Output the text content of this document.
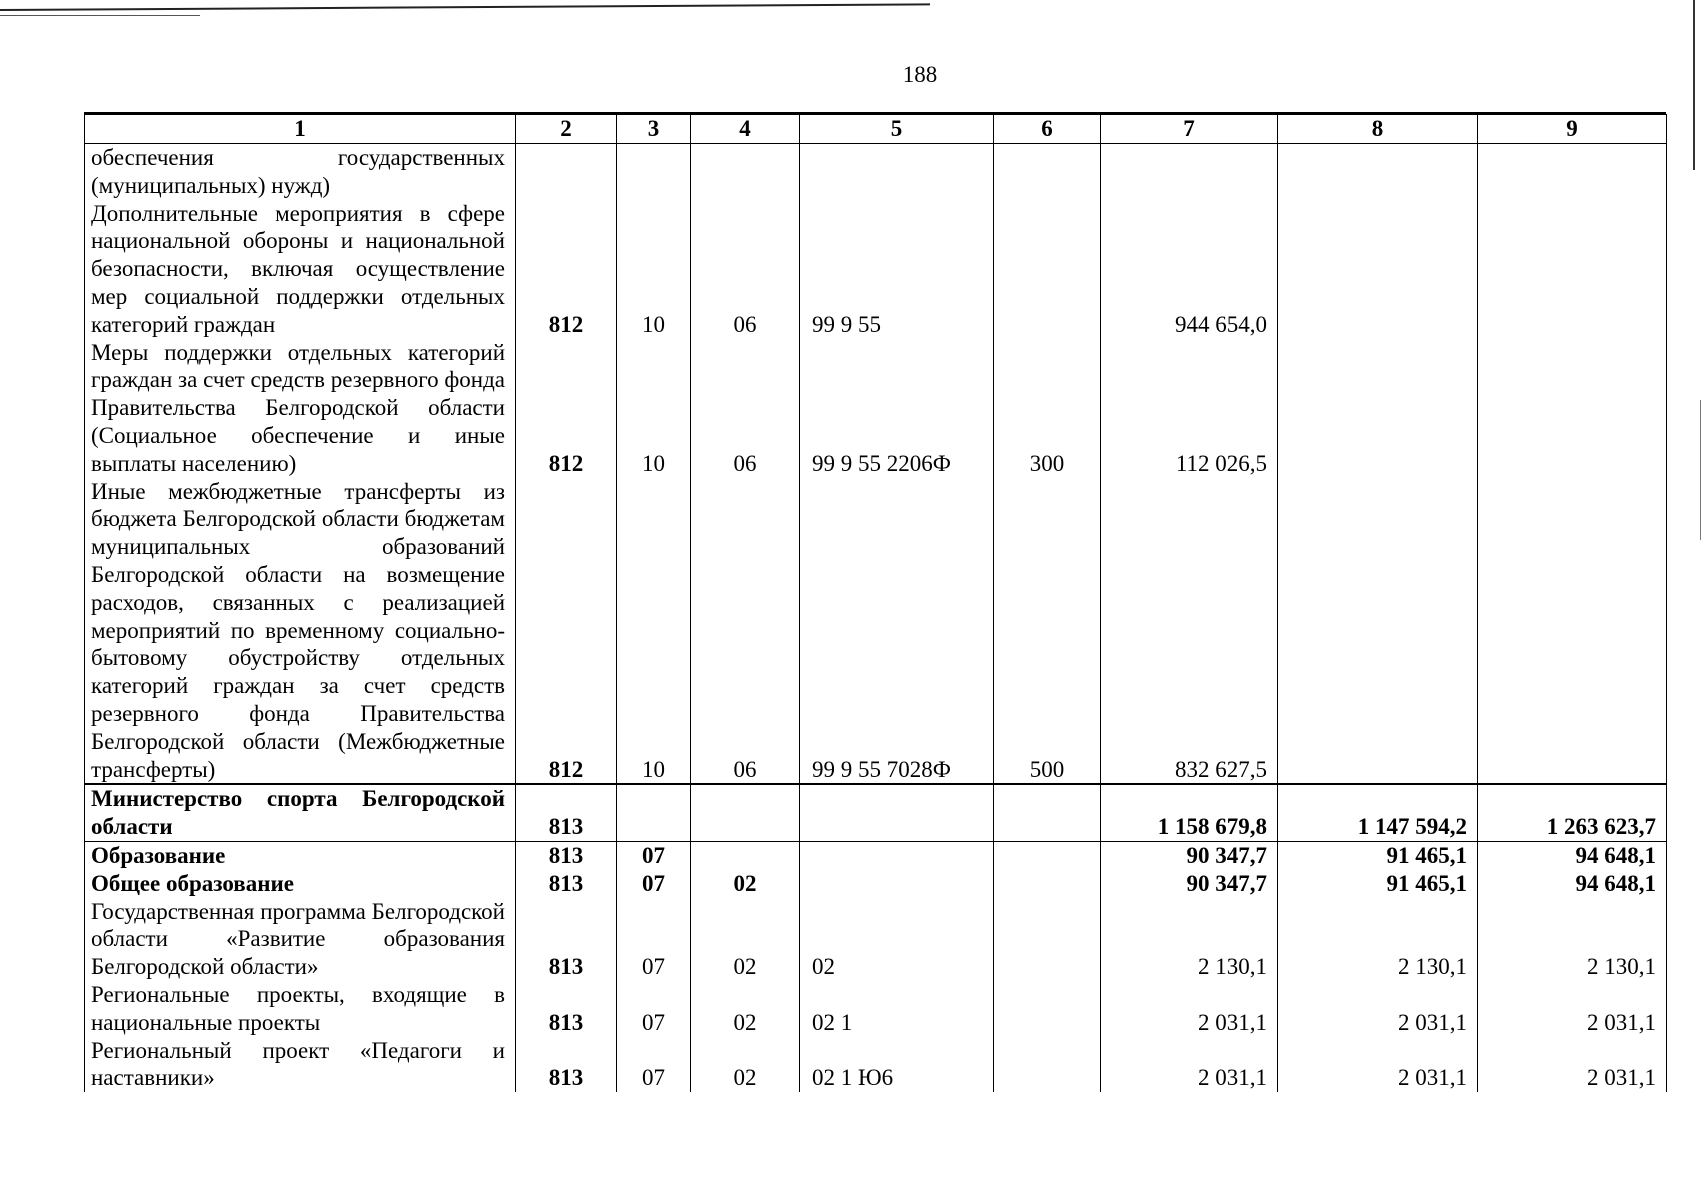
188
1	2	3	4	5	6	7	8	9
обеспечения государственных (муниципальных) нужд)								
Дополнительные мероприятия в сфере национальной обороны и национальной безопасности, включая осуществление мер социальной поддержки отдельных категорий граждан	812	10	06	99 9 55		944 654,0		
Меры поддержки отдельных категорий граждан за счет средств резервного фонда Правительства Белгородской области (Социальное обеспечение и иные выплаты населению)	812	10	06	99 9 55 2206Ф	300	112 026,5		
Иные межбюджетные трансферты из бюджета Белгородской области бюджетам муниципальных образований Белгородской области на возмещение расходов, связанных с реализацией мероприятий по временному социально-бытовому обустройству отдельных категорий граждан за счет средств резервного фонда Правительства Белгородской области (Межбюджетные трансферты)	812	10	06	99 9 55 7028Ф	500	832 627,5		
Министерство спорта Белгородской области	813					1 158 679,8	1 147 594,2	1 263 623,7
Образование	813	07				90 347,7	91 465,1	94 648,1
Общее образование	813	07	02			90 347,7	91 465,1	94 648,1
Государственная программа Белгородской области «Развитие образования Белгородской области»	813	07	02	02		2 130,1	2 130,1	2 130,1
Региональные проекты, входящие в национальные проекты	813	07	02	02 1		2 031,1	2 031,1	2 031,1
Региональный проект «Педагоги и наставники»	813	07	02	02 1 Ю6		2 031,1	2 031,1	2 031,1
